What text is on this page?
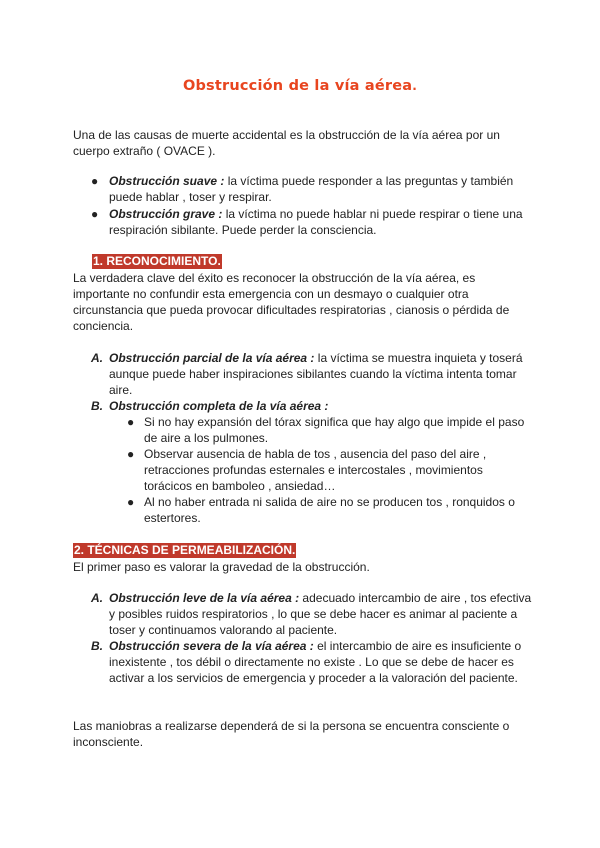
Obstrucción de la vía aérea.
Una de las causas de muerte accidental es la obstrucción de la vía aérea por un cuerpo extraño ( OVACE ).
● Obstrucción suave : la víctima puede responder a las preguntas y también puede hablar , toser y respirar.
● Obstrucción grave : la víctima no puede hablar ni puede respirar o tiene una respiración sibilante. Puede perder la consciencia.
1. RECONOCIMIENTO.
La verdadera clave del éxito es reconocer la obstrucción de la vía aérea, es importante no confundir esta emergencia con un desmayo o cualquier otra circunstancia que pueda provocar dificultades respiratorias , cianosis o pérdida de conciencia.
A. Obstrucción parcial de la vía aérea : la víctima se muestra inquieta y toserá aunque puede haber inspiraciones sibilantes cuando la víctima intenta tomar aire.
B. Obstrucción completa de la vía aérea :
● Si no hay expansión del tórax significa que hay algo que impide el paso de aire a los pulmones.
● Observar ausencia de habla de tos , ausencia del paso del aire , retracciones profundas esternales e intercostales , movimientos torácicos en bamboleo , ansiedad…
● Al no haber entrada ni salida de aire no se producen tos , ronquidos o estertores.
2. TÉCNICAS DE PERMEABILIZACIÓN.
El primer paso es valorar la gravedad de la obstrucción.
A. Obstrucción leve de la vía aérea : adecuado intercambio de aire , tos efectiva y posibles ruidos respiratorios , lo que se debe hacer es animar al paciente a toser y continuamos valorando al paciente.
B. Obstrucción severa de la vía aérea : el intercambio de aire es insuficiente o inexistente , tos débil o directamente no existe . Lo que se debe de hacer es activar a los servicios de emergencia y proceder a la valoración del paciente.
Las maniobras a realizarse dependerá de si la persona se encuentra consciente o inconsciente.
